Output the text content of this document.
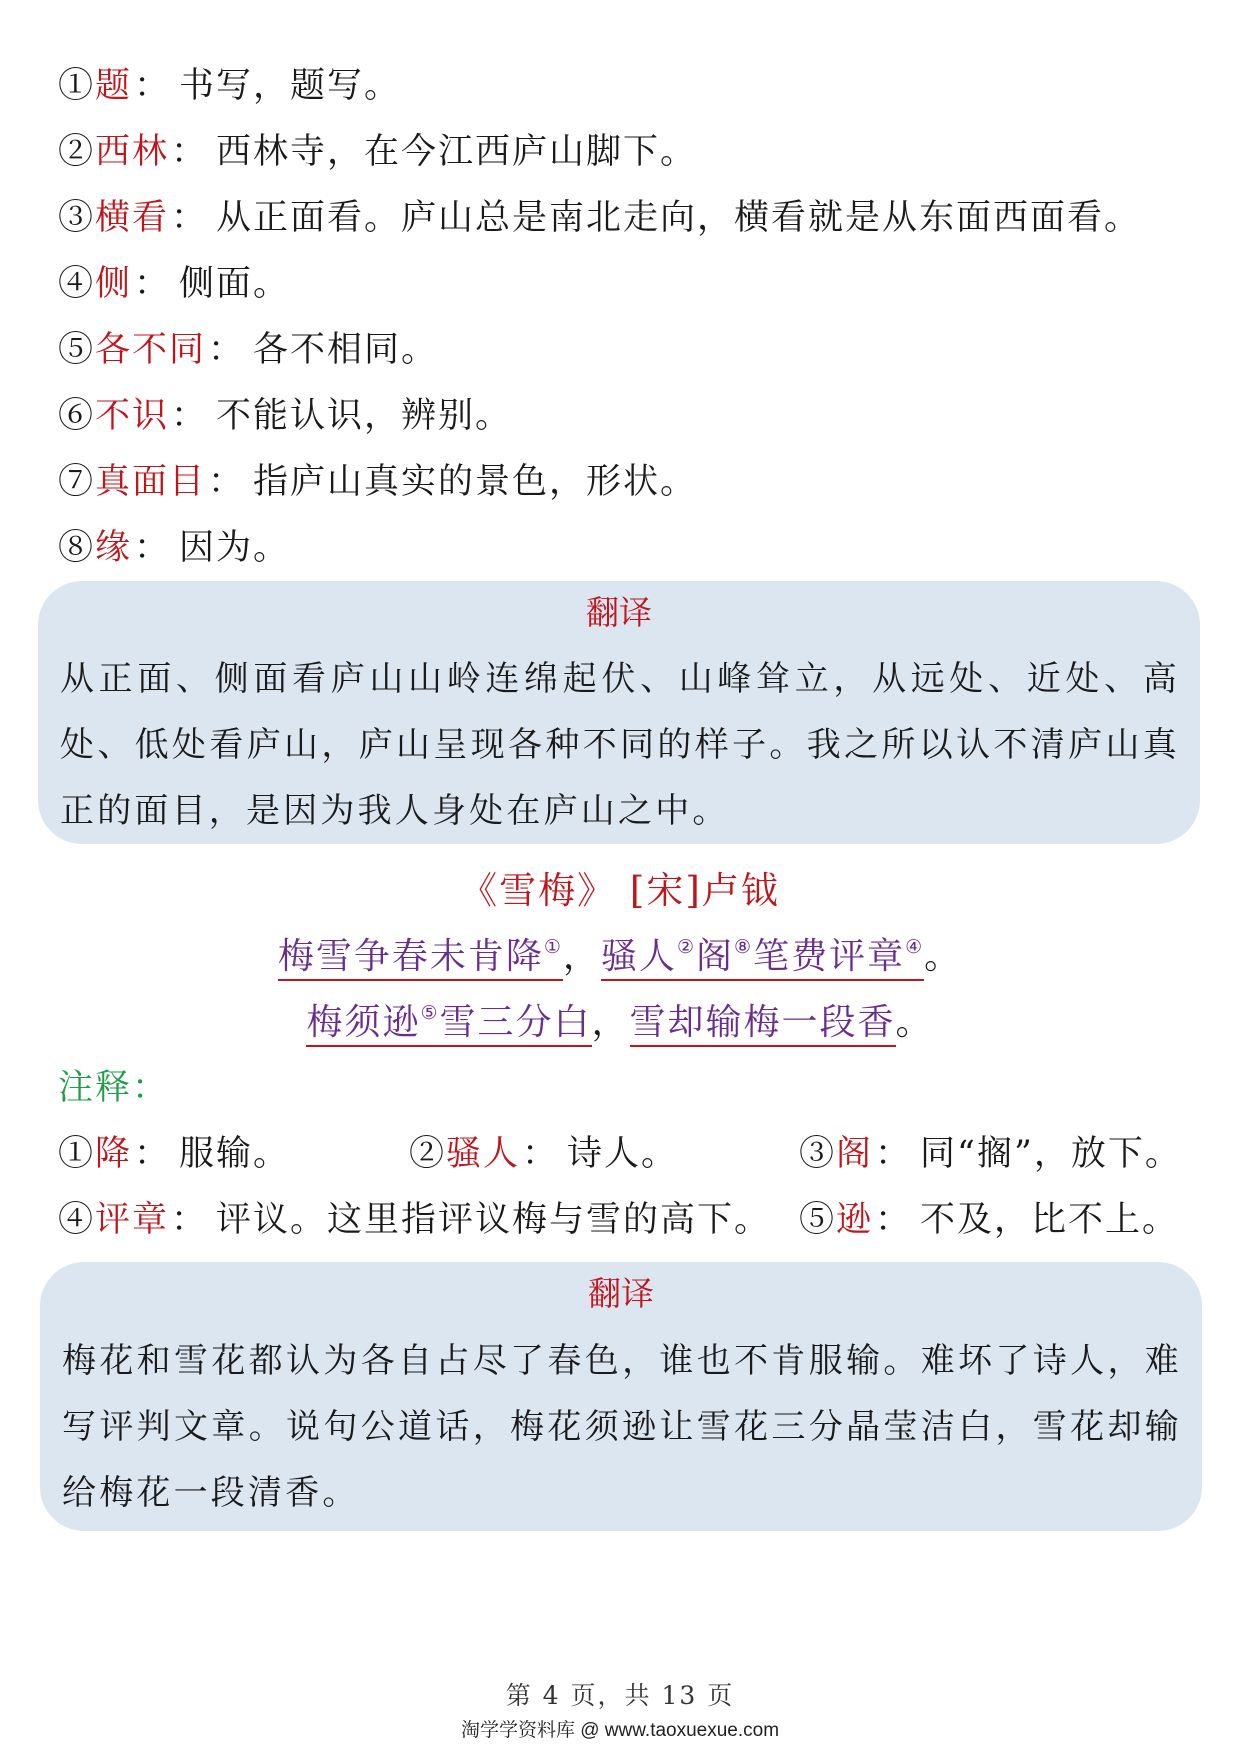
①题： 书写，题写。
②西林： 西林寺，在今江西庐山脚下。
③横看： 从正面看。庐山总是南北走向，横看就是从东面西面看。
④侧： 侧面。
⑤各不同： 各不相同。
⑥不识： 不能认识，辨别。
⑦真面目： 指庐山真实的景色，形状。
⑧缘： 因为。
翻译
从正面、侧面看庐山山岭连绵起伏、山峰耸立，从远处、近处、高处、低处看庐山，庐山呈现各种不同的样子。我之所以认不清庐山真正的面目，是因为我人身处在庐山之中。
《雪梅》 [宋]卢钺
梅雪争春未肯降①，骚人②阁⑧笔费评章④。
梅须逊⑤雪三分白，雪却输梅一段香。
注释：
①降： 服输。	②骚人： 诗人。	③阁： 同“搁”，放下。
④评章： 评议。这里指评议梅与雪的高下。 ⑤逊： 不及，比不上。
翻译
梅花和雪花都认为各自占尽了春色，谁也不肯服输。难坏了诗人，难写评判文章。说句公道话，梅花须逊让雪花三分晶莹洁白，雪花却输给梅花一段清香。
第 4 页，共 13 页
淘学学资料库 @ www.taoxuexue.com
